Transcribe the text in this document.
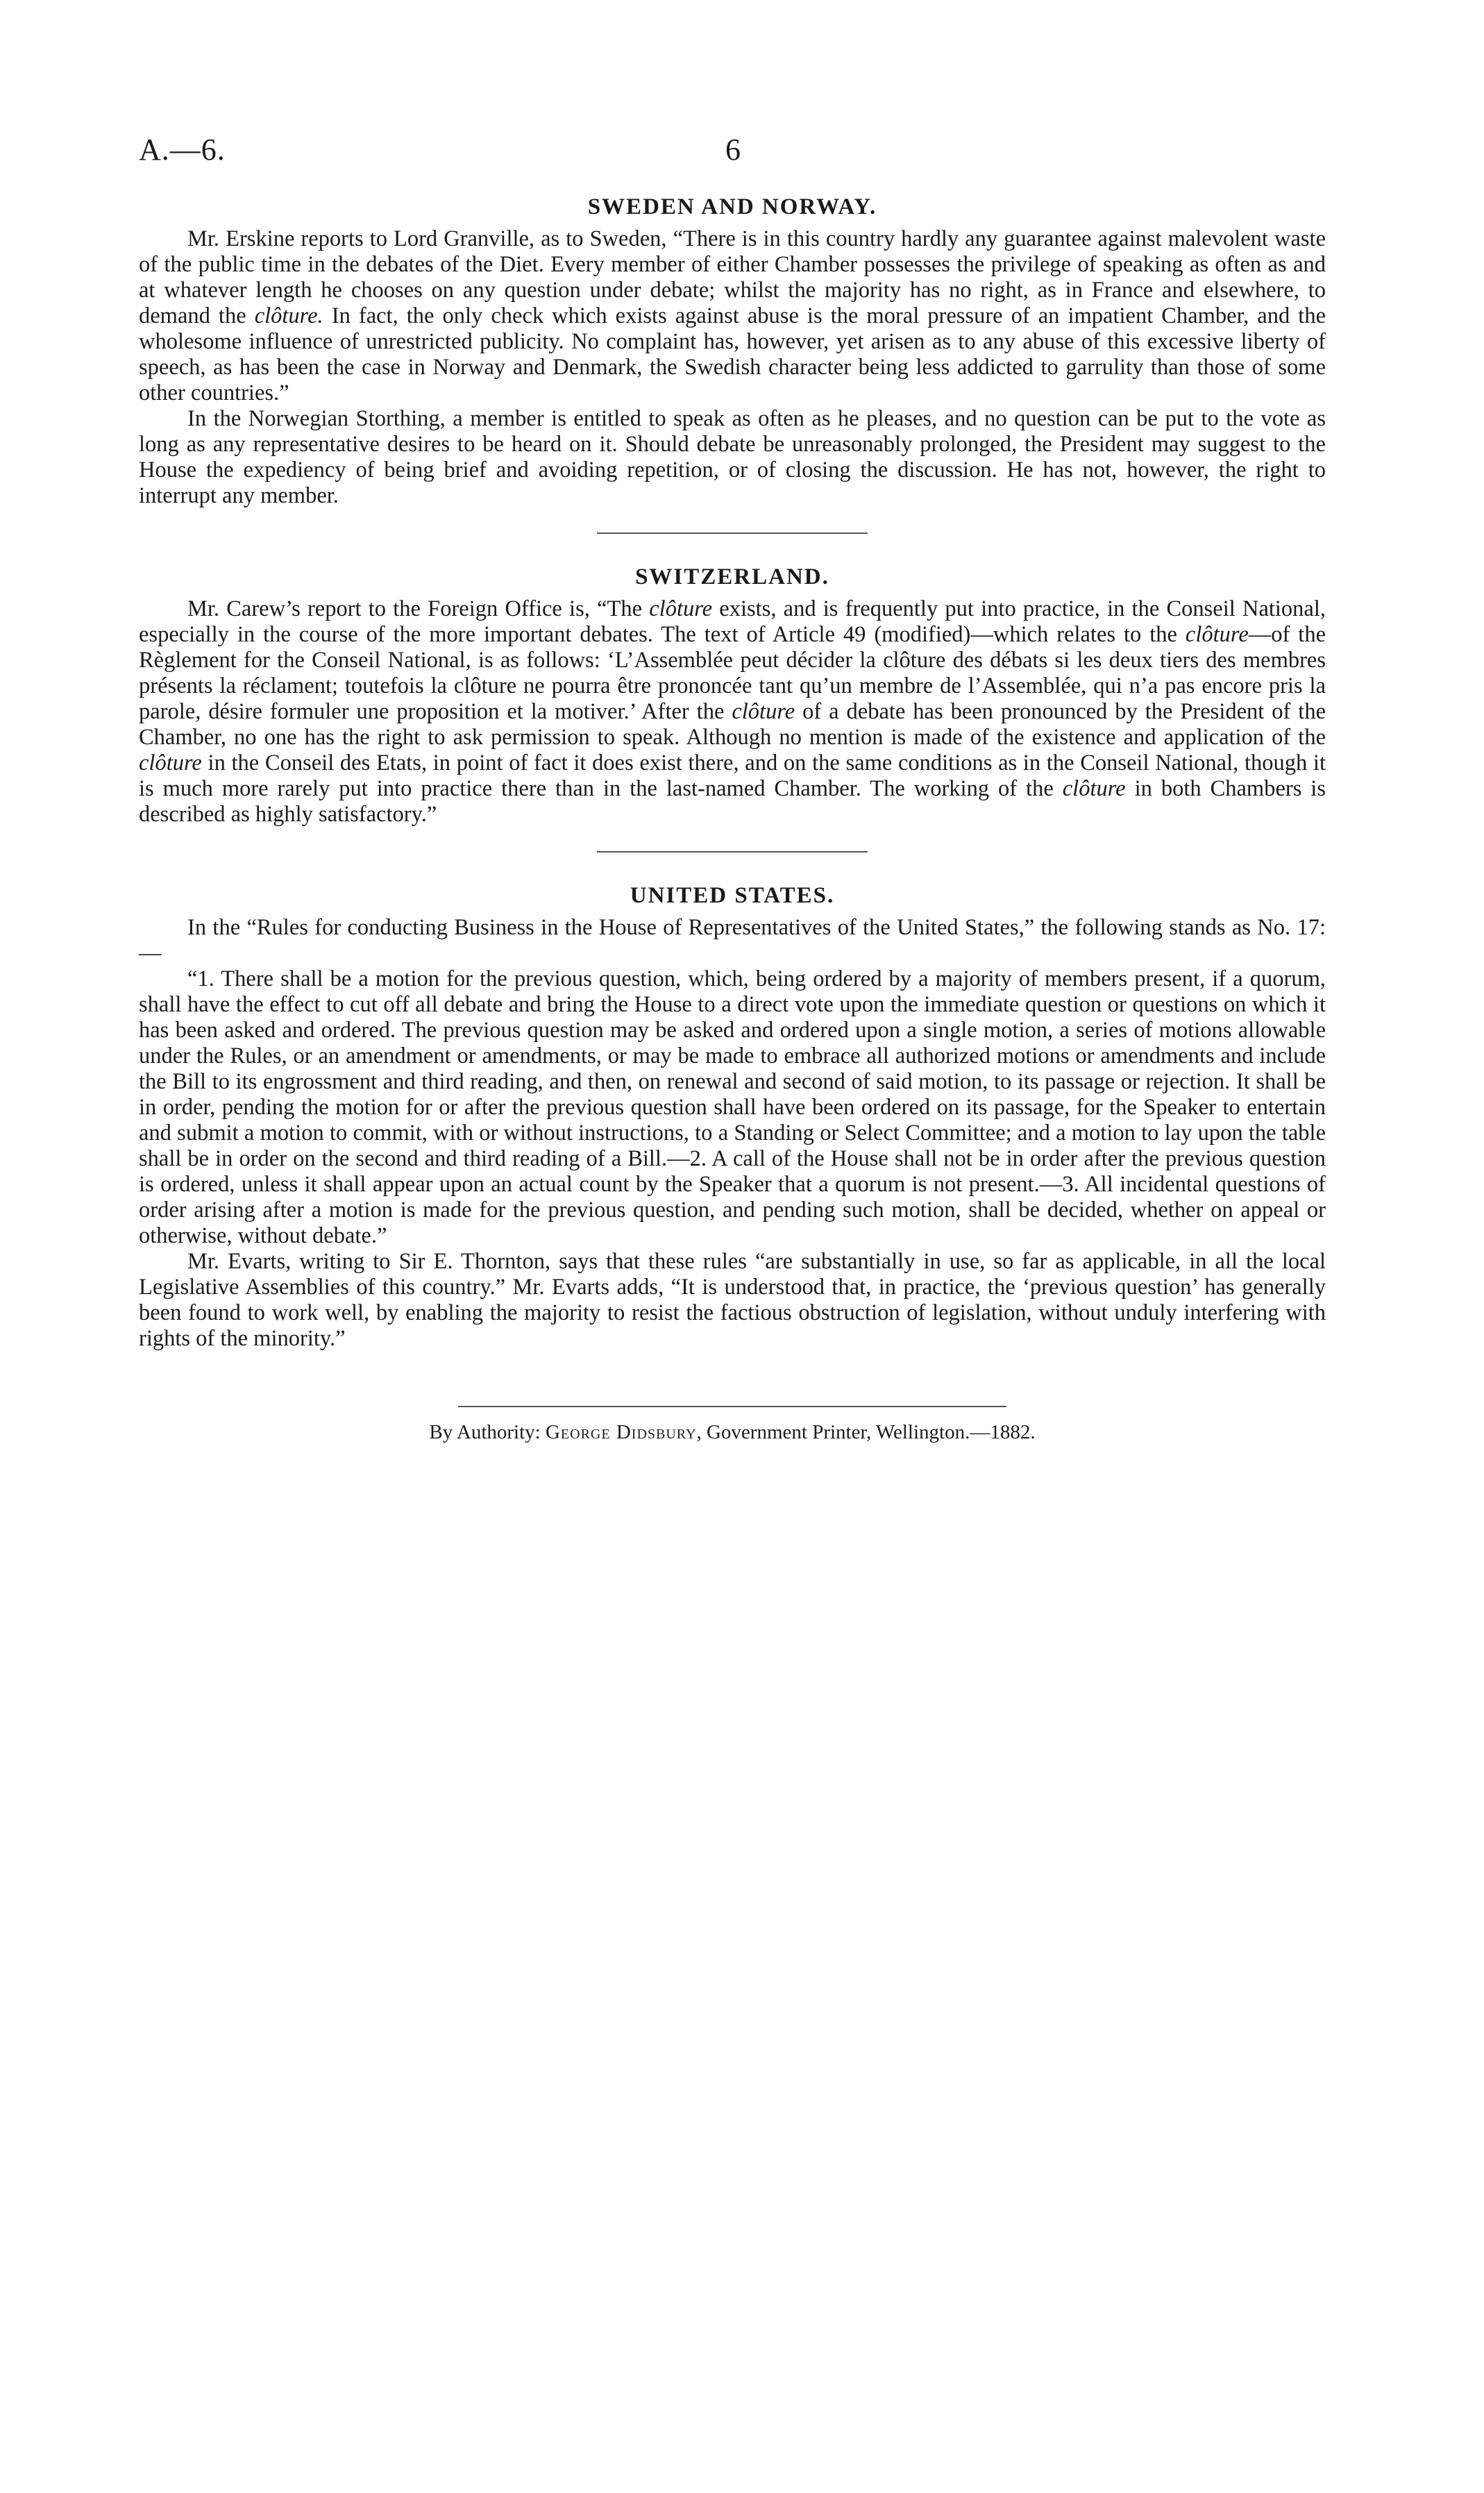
A.—6.	6
SWEDEN AND NORWAY.

Mr. Erskine reports to Lord Granville, as to Sweden, “There is in this country hardly any guarantee against malevolent waste of the public time in the debates of the Diet. Every member of either Chamber possesses the privilege of speaking as often as and at whatever length he chooses on any question under debate; whilst the majority has no right, as in France and elsewhere, to demand the clôture. In fact, the only check which exists against abuse is the moral pressure of an impatient Chamber, and the wholesome influence of unrestricted publicity. No complaint has, however, yet arisen as to any abuse of this excessive liberty of speech, as has been the case in Norway and Denmark, the Swedish character being less addicted to garrulity than those of some other countries.”

In the Norwegian Storthing, a member is entitled to speak as often as he pleases, and no question can be put to the vote as long as any representative desires to be heard on it. Should debate be unreasonably prolonged, the President may suggest to the House the expediency of being brief and avoiding repetition, or of closing the discussion. He has not, however, the right to interrupt any member.

SWITZERLAND.

Mr. Carew’s report to the Foreign Office is, “The clôture exists, and is frequently put into practice, in the Conseil National, especially in the course of the more important debates. The text of Article 49 (modified)—which relates to the clôture—of the Règlement for the Conseil National, is as follows: ‘L’Assemblée peut décider la clôture des débats si les deux tiers des membres présents la réclament; toutefois la clôture ne pourra être prononcée tant qu’un membre de l’Assemblée, qui n’a pas encore pris la parole, désire formuler une proposition et la motiver.’ After the clôture of a debate has been pronounced by the President of the Chamber, no one has the right to ask permission to speak. Although no mention is made of the existence and application of the clôture in the Conseil des Etats, in point of fact it does exist there, and on the same conditions as in the Conseil National, though it is much more rarely put into practice there than in the last-named Chamber. The working of the clôture in both Chambers is described as highly satisfactory.”

UNITED STATES.

In the “Rules for conducting Business in the House of Representatives of the United States,” the following stands as No. 17:—

“1. There shall be a motion for the previous question, which, being ordered by a majority of members present, if a quorum, shall have the effect to cut off all debate and bring the House to a direct vote upon the immediate question or questions on which it has been asked and ordered. The previous question may be asked and ordered upon a single motion, a series of motions allowable under the Rules, or an amendment or amendments, or may be made to embrace all authorized motions or amendments and include the Bill to its engrossment and third reading, and then, on renewal and second of said motion, to its passage or rejection. It shall be in order, pending the motion for or after the previous question shall have been ordered on its passage, for the Speaker to entertain and submit a motion to commit, with or without instructions, to a Standing or Select Committee; and a motion to lay upon the table shall be in order on the second and third reading of a Bill.—2. A call of the House shall not be in order after the previous question is ordered, unless it shall appear upon an actual count by the Speaker that a quorum is not present.—3. All incidental questions of order arising after a motion is made for the previous question, and pending such motion, shall be decided, whether on appeal or otherwise, without debate.”

Mr. Evarts, writing to Sir E. Thornton, says that these rules “are substantially in use, so far as applicable, in all the local Legislative Assemblies of this country.” Mr. Evarts adds, “It is understood that, in practice, the ‘previous question’ has generally been found to work well, by enabling the majority to resist the factious obstruction of legislation, without unduly interfering with rights of the minority.”

By Authority: George Didsbury, Government Printer, Wellington.—1882.
